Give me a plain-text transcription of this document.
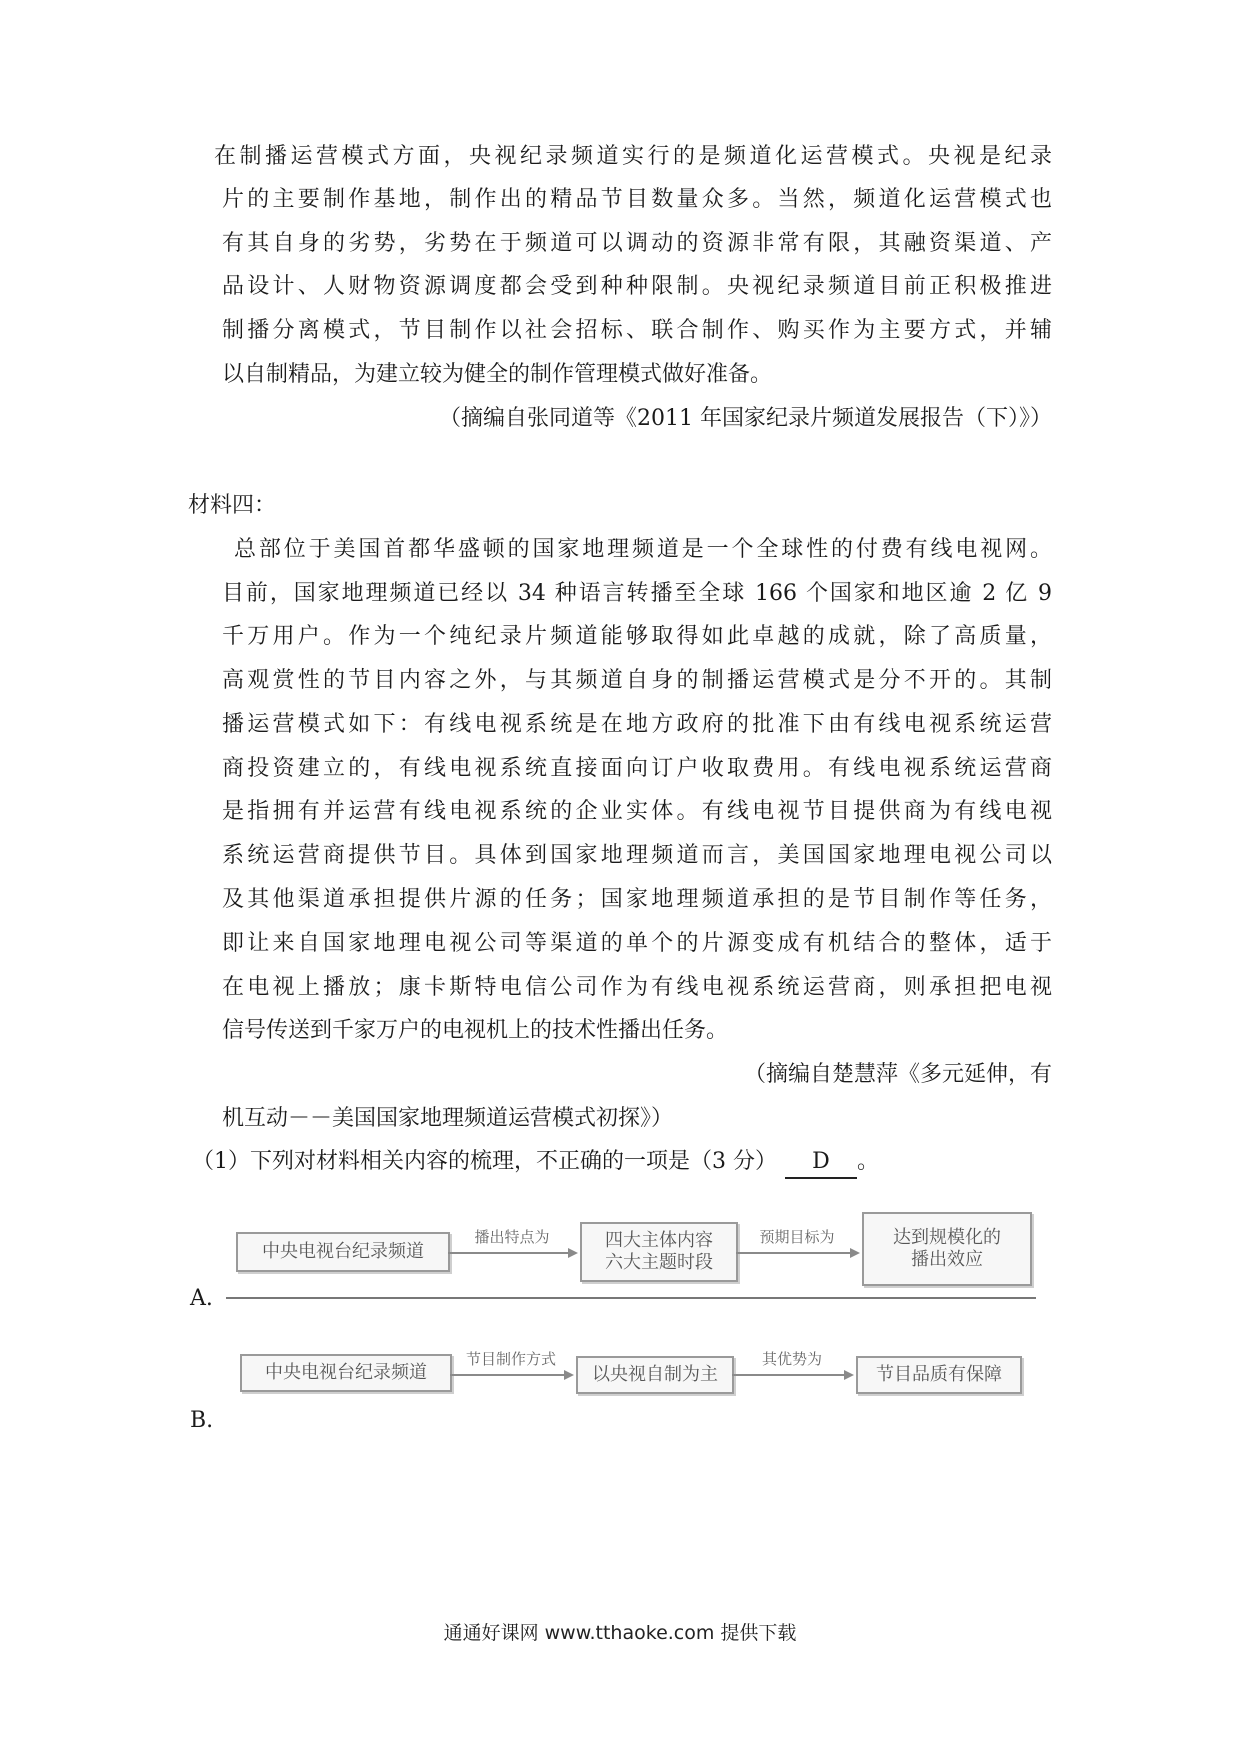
在制播运营模式方面，央视纪录频道实行的是频道化运营模式。央视是纪录
片的主要制作基地，制作出的精品节目数量众多。当然，频道化运营模式也
有其自身的劣势，劣势在于频道可以调动的资源非常有限，其融资渠道、产
品设计、人财物资源调度都会受到种种限制。央视纪录频道目前正积极推进
制播分离模式，节目制作以社会招标、联合制作、购买作为主要方式，并辅
以自制精品，为建立较为健全的制作管理模式做好准备。
（摘编自张同道等《2011 年国家纪录片频道发展报告（下）》）
材料四：
总部位于美国首都华盛顿的国家地理频道是一个全球性的付费有线电视网。
目前，国家地理频道已经以 34 种语言转播至全球 166 个国家和地区逾 2 亿 9
千万用户。作为一个纯纪录片频道能够取得如此卓越的成就，除了高质量，
高观赏性的节目内容之外，与其频道自身的制播运营模式是分不开的。其制
播运营模式如下：有线电视系统是在地方政府的批准下由有线电视系统运营
商投资建立的，有线电视系统直接面向订户收取费用。有线电视系统运营商
是指拥有并运营有线电视系统的企业实体。有线电视节目提供商为有线电视
系统运营商提供节目。具体到国家地理频道而言，美国国家地理电视公司以
及其他渠道承担提供片源的任务；国家地理频道承担的是节目制作等任务，
即让来自国家地理电视公司等渠道的单个的片源变成有机结合的整体，适于
在电视上播放；康卡斯特电信公司作为有线电视系统运营商，则承担把电视
信号传送到千家万户的电视机上的技术性播出任务。
（摘编自楚慧萍《多元延伸，有
机互动－－美国国家地理频道运营模式初探》）
（1）下列对材料相关内容的梳理，不正确的一项是（3 分） D 。
中央电视台纪录频道
播出特点为	四大主体内容
六大主题时段
预期目标为	达到规模化的
播出效应
A.
中央电视台纪录频道
节目制作方式
以央视自制为主
其优势为
节目品质有保障
B.
通通好课网 www.tthaoke.com 提供下载
